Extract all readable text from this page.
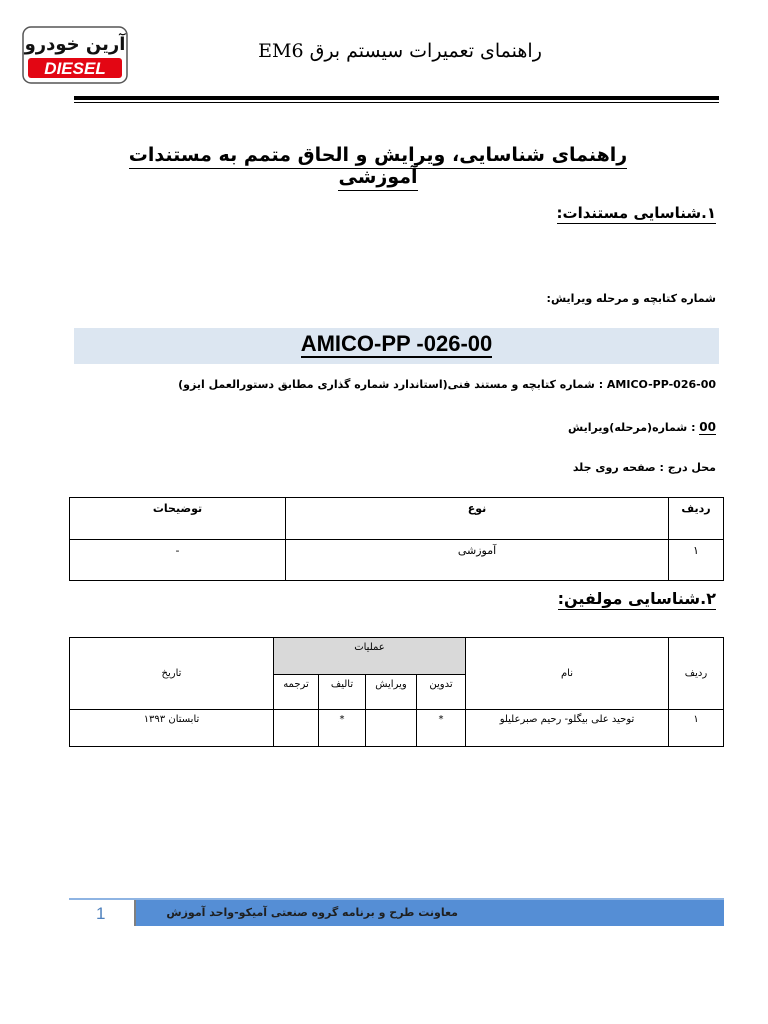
آرین خودرو
DIESEL
راهنمای تعمیرات سیستم برق EM6
راهنمای شناسایی، ویرایش و الحاق متمم به مستندات آموزشی
۱.شناسایی مستندات:
شماره کتابچه و مرحله ویرایش:
AMICO-PP -026-00
AMICO-PP-026-00 : شماره کتابچه و مستند فنی(استاندارد شماره گذاری مطابق دستورالعمل ایزو)
00 : شماره(مرحله)ویرایش
محل درج : صفحه روی جلد
ردیف	نوع	توضیحات
۱	آموزشی	-
۲.شناسایی مولفین:
ردیف	نام	عملیات				تاریخ
		تدوین	ویرایش	تالیف	ترجمه	
۱	توحید علی بیگلو- رحیم صبرعلیلو	*		*		تابستان ۱۳۹۳
معاونت طرح و برنامه گروه صنعتی آمیکو-واحد آموزش
1
